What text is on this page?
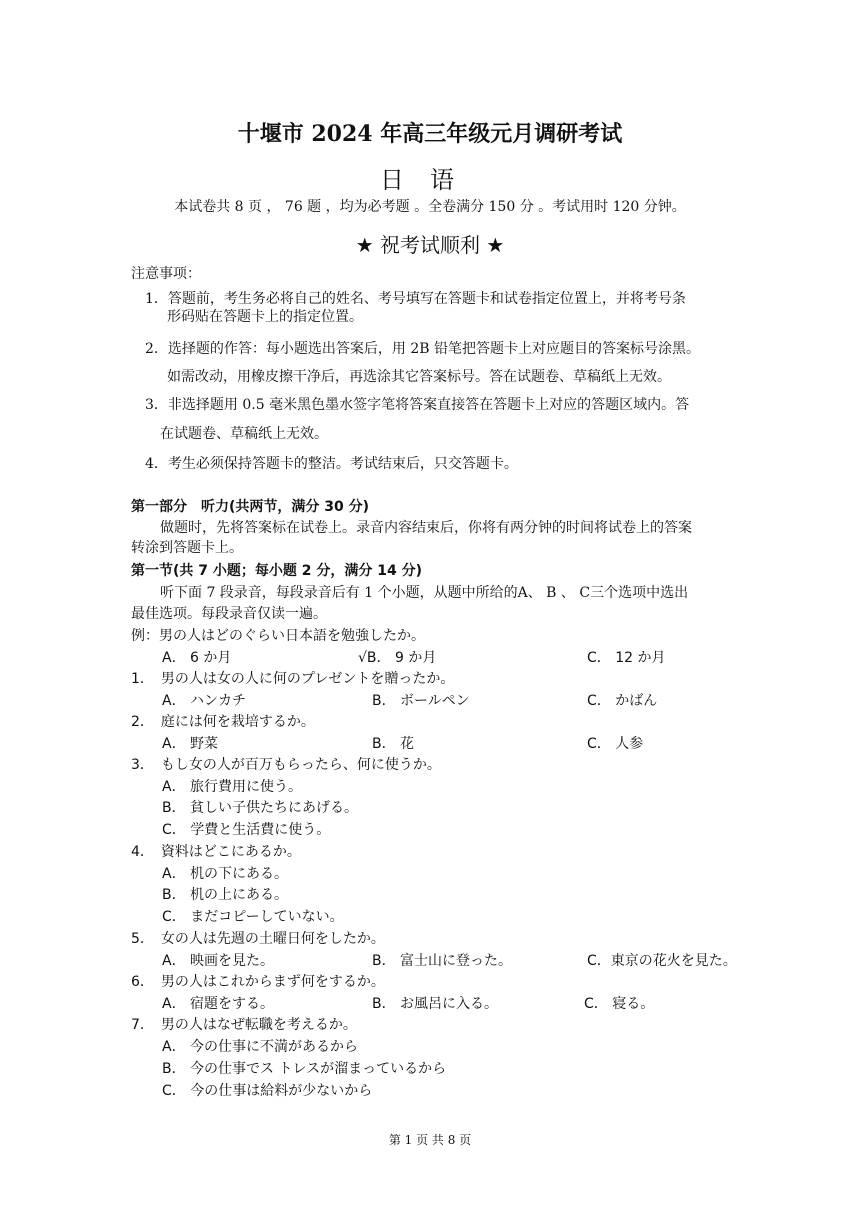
十堰市 2024 年高三年级元月调研考试
日语
本试卷共 8 页 ， 76 题 ，均为必考题 。全卷满分 150 分 。考试用时 120 分钟。
★ 祝考试顺利 ★
注意事项：
1．答题前，考生务必将自己的姓名、考号填写在答题卡和试卷指定位置上，并将考号条
形码贴在答题卡上的指定位置。
2．选择题的作答：每小题选出答案后，用 2B 铅笔把答题卡上对应题目的答案标号涂黑。
如需改动，用橡皮擦干净后，再选涂其它答案标号。答在试题卷、草稿纸上无效。
3．非选择题用 0.5 毫米黑色墨水签字笔将答案直接答在答题卡上对应的答题区域内。答
在试题卷、草稿纸上无效。
4．考生必须保持答题卡的整洁。考试结束后，只交答题卡。
第一部分　听力(共两节，满分 30 分)
做题时，先将答案标在试卷上。录音内容结束后，你将有两分钟的时间将试卷上的答案
转涂到答题卡上。
第一节(共 7 小题；每小题 2 分，满分 14 分)
听下面 7 段录音，每段录音后有 1 个小题，从题中所给的A、 B 、 C三个选项中选出
最佳选项。每段录音仅读一遍。
例：男の人はどのぐらい日本語を勉強したか。
A． 6 か月	√B． 9 か月	C． 12 か月
1．　男の人は女の人に何のプレゼントを贈ったか。
A． ハンカチ	B． ボールペン	C． かばん
2．　庭には何を栽培するか。
A． 野菜	B． 花	C． 人参
3．　もし女の人が百万もらったら、何に使うか。
A． 旅行費用に使う。
B． 貧しい子供たちにあげる。
C． 学費と生活費に使う。
4．　資料はどこにあるか。
A． 机の下にある。
B． 机の上にある。
C． まだコピーしていない。
5．　女の人は先週の土曜日何をしたか。
A． 映画を見た。	B． 富士山に登った。	C．東京の花火を見た。
6．　男の人はこれからまず何をするか。
A． 宿題をする。	B． お風呂に入る。	C． 寝る。
7．　男の人はなぜ転職を考えるか。
A． 今の仕事に不満があるから
B． 今の仕事でス トレスが溜まっているから
C． 今の仕事は給料が少ないから
第 1 页 共 8 页
